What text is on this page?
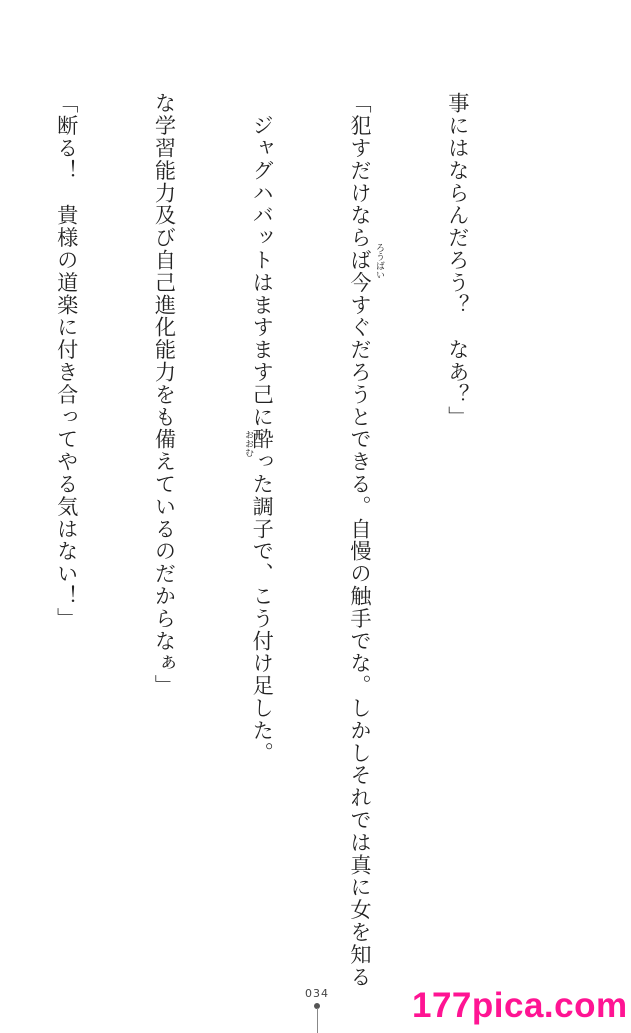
事にはならんだろう？　なあ？」

「犯すだけならば今すぐだろうとできる。自慢の触手でな。しかしそれでは真に女を知る

　ジャグハバットはますます己に酔った調子で、こう付け足した。

な学習能力及び自己進化能力をも備えているのだからなぁ」

「断る！　貴様の道楽に付き合ってやる気はない！」

	ろうばい
おおむ
034 177pica.com
